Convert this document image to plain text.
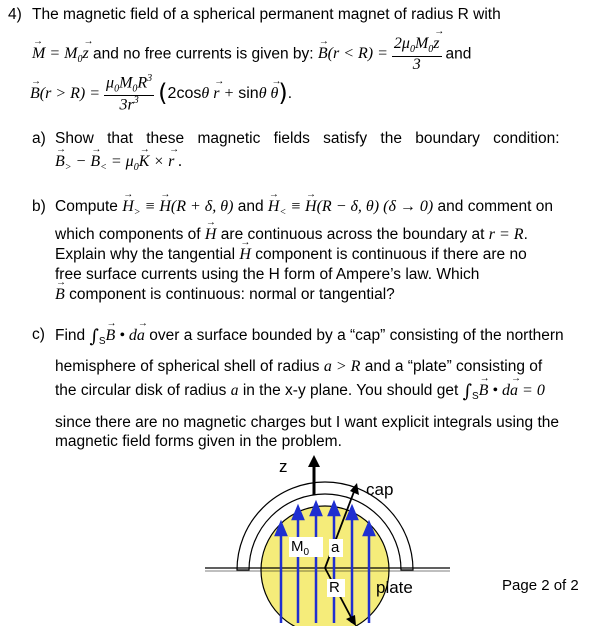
4) The magnetic field of a spherical permanent magnet of radius R with
→ $M = M_0\to z$ and no free currents is given by: → $B(r < R) = \frac{2\mu_0M_0\to z}{3}$ and
→ $B(r > R) = \frac{\mu_0M_0R^3}{3r^3} (2\cos\theta \to r + \sin\theta \to \theta)$.
a) Show that these magnetic fields satisfy the boundary condition:
→ $B_>$ − → $B_< = \mu_0\to K$ × → r .
b) Compute → $H_>$ ≡ → H(R + δ, θ) and → $H_<$ ≡ → H(R − δ, θ) (δ → 0) and comment on
which components of → H are continuous across the boundary at r = R.
Explain why the tangential → H component is continuous if there are no
free surface currents using the H form of Ampere’s law. Which
→ B component is continuous: normal or tangential?
c) Find $\int_S\to B$ • d→ a over a surface bounded by a “cap” consisting of the northern
hemisphere of spherical shell of radius a > R and a “plate” consisting of
the circular disk of radius a in the x-y plane. You should get $\int_S\to B$ • d→ a = 0
since there are no magnetic charges but I want explicit integrals using the
magnetic field forms given in the problem.
z
cap
$M_0$ a
R plate	Page 2 of 2
